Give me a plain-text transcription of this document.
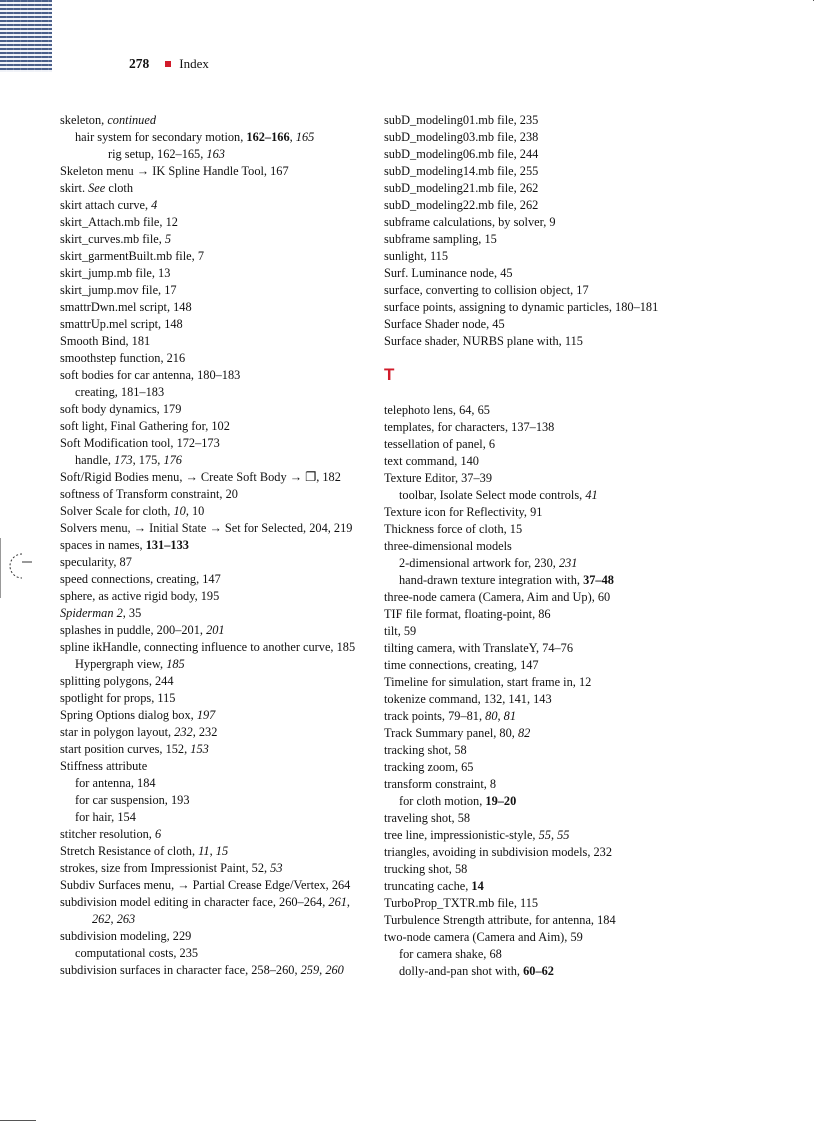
278 Index
skeleton, continued
hair system for secondary motion, 162–166, 165
rig setup, 162–165, 163
Skeleton menu → IK Spline Handle Tool, 167
skirt. See cloth
skirt attach curve, 4
skirt_Attach.mb file, 12
skirt_curves.mb file, 5
skirt_garmentBuilt.mb file, 7
skirt_jump.mb file, 13
skirt_jump.mov file, 17
smattrDwn.mel script, 148
smattrUp.mel script, 148
Smooth Bind, 181
smoothstep function, 216
soft bodies for car antenna, 180–183
creating, 181–183
soft body dynamics, 179
soft light, Final Gathering for, 102
Soft Modification tool, 172–173
handle, 173, 175, 176
Soft/Rigid Bodies menu, → Create Soft Body → ❐, 182
softness of Transform constraint, 20
Solver Scale for cloth, 10, 10
Solvers menu, → Initial State → Set for Selected, 204, 219
spaces in names, 131–133
specularity, 87
speed connections, creating, 147
sphere, as active rigid body, 195
Spiderman 2, 35
splashes in puddle, 200–201, 201
spline ikHandle, connecting influence to another curve, 185
Hypergraph view, 185
splitting polygons, 244
spotlight for props, 115
Spring Options dialog box, 197
star in polygon layout, 232, 232
start position curves, 152, 153
Stiffness attribute
for antenna, 184
for car suspension, 193
for hair, 154
stitcher resolution, 6
Stretch Resistance of cloth, 11, 15
strokes, size from Impressionist Paint, 52, 53
Subdiv Surfaces menu, → Partial Crease Edge/Vertex, 264
subdivision model editing in character face, 260–264, 261, 262, 263
subdivision modeling, 229
computational costs, 235
subdivision surfaces in character face, 258–260, 259, 260
subD_modeling01.mb file, 235
subD_modeling03.mb file, 238
subD_modeling06.mb file, 244
subD_modeling14.mb file, 255
subD_modeling21.mb file, 262
subD_modeling22.mb file, 262
subframe calculations, by solver, 9
subframe sampling, 15
sunlight, 115
Surf. Luminance node, 45
surface, converting to collision object, 17
surface points, assigning to dynamic particles, 180–181
Surface Shader node, 45
Surface shader, NURBS plane with, 115
T
telephoto lens, 64, 65
templates, for characters, 137–138
tessellation of panel, 6
text command, 140
Texture Editor, 37–39
toolbar, Isolate Select mode controls, 41
Texture icon for Reflectivity, 91
Thickness force of cloth, 15
three-dimensional models
2-dimensional artwork for, 230, 231
hand-drawn texture integration with, 37–48
three-node camera (Camera, Aim and Up), 60
TIF file format, floating-point, 86
tilt, 59
tilting camera, with TranslateY, 74–76
time connections, creating, 147
Timeline for simulation, start frame in, 12
tokenize command, 132, 141, 143
track points, 79–81, 80, 81
Track Summary panel, 80, 82
tracking shot, 58
tracking zoom, 65
transform constraint, 8
for cloth motion, 19–20
traveling shot, 58
tree line, impressionistic-style, 55, 55
triangles, avoiding in subdivision models, 232
trucking shot, 58
truncating cache, 14
TurboProp_TXTR.mb file, 115
Turbulence Strength attribute, for antenna, 184
two-node camera (Camera and Aim), 59
for camera shake, 68
dolly-and-pan shot with, 60–62
